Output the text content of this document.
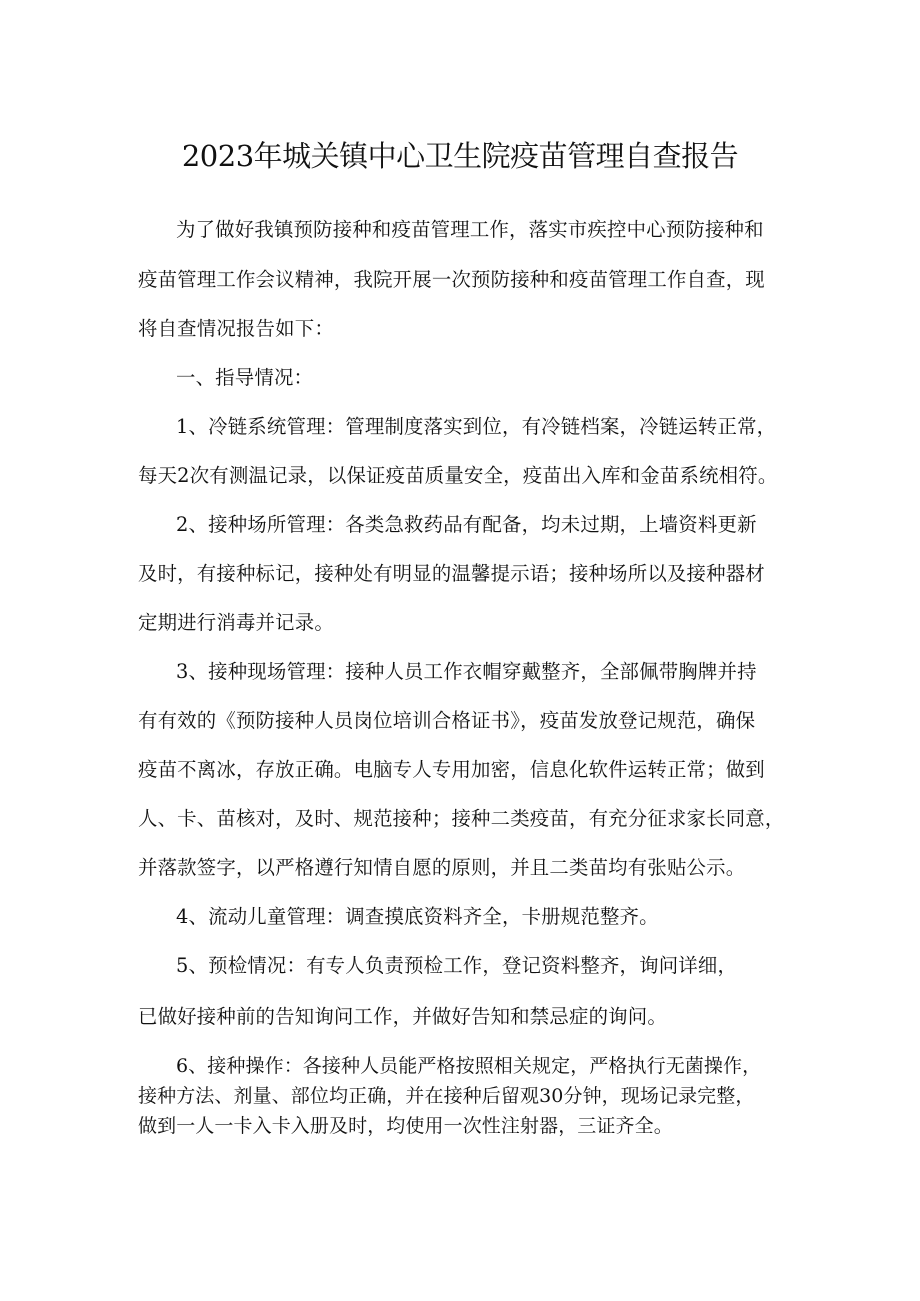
2023年城关镇中心卫生院疫苗管理自查报告
为了做好我镇预防接种和疫苗管理工作，落实市疾控中心预防接种和
疫苗管理工作会议精神，我院开展一次预防接种和疫苗管理工作自查，现
将自查情况报告如下：
一、指导情况：
1、冷链系统管理：管理制度落实到位，有冷链档案，冷链运转正常，
每天2次有测温记录，以保证疫苗质量安全，疫苗出入库和金苗系统相符。
2、接种场所管理：各类急救药品有配备，均未过期，上墙资料更新
及时，有接种标记，接种处有明显的温馨提示语；接种场所以及接种器材
定期进行消毒并记录。
3、接种现场管理：接种人员工作衣帽穿戴整齐，全部佩带胸牌并持
有有效的《预防接种人员岗位培训合格证书》，疫苗发放登记规范，确保
疫苗不离冰，存放正确。电脑专人专用加密，信息化软件运转正常；做到
人、卡、苗核对，及时、规范接种；接种二类疫苗，有充分征求家长同意，
并落款签字，以严格遵行知情自愿的原则，并且二类苗均有张贴公示。
4、流动儿童管理：调查摸底资料齐全，卡册规范整齐。
5、预检情况：有专人负责预检工作，登记资料整齐，询问详细，
已做好接种前的告知询问工作，并做好告知和禁忌症的询问。
6、接种操作：各接种人员能严格按照相关规定，严格执行无菌操作，
接种方法、剂量、部位均正确，并在接种后留观30分钟，现场记录完整，
做到一人一卡入卡入册及时，均使用一次性注射器，三证齐全。
